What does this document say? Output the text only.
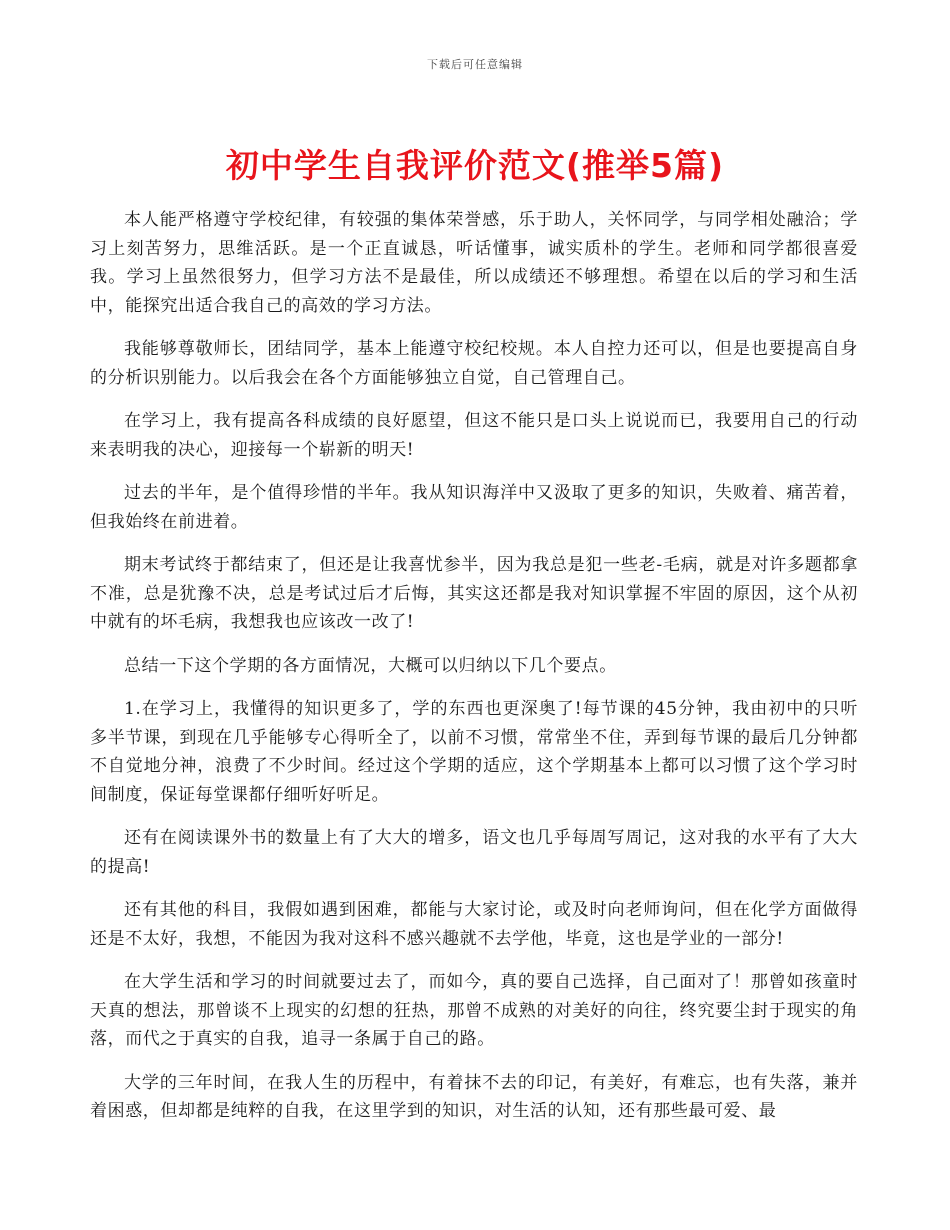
下载后可任意编辑
初中学生自我评价范文(推举5篇)

本人能严格遵守学校纪律，有较强的集体荣誉感，乐于助人，关怀同学，与同学相处融洽；学习上刻苦努力，思维活跃。是一个正直诚恳，听话懂事，诚实质朴的学生。老师和同学都很喜爱我。学习上虽然很努力，但学习方法不是最佳，所以成绩还不够理想。希望在以后的学习和生活中，能探究出适合我自己的高效的学习方法。

我能够尊敬师长，团结同学，基本上能遵守校纪校规。本人自控力还可以，但是也要提高自身的分析识别能力。以后我会在各个方面能够独立自觉，自己管理自己。

在学习上，我有提高各科成绩的良好愿望，但这不能只是口头上说说而已，我要用自己的行动来表明我的决心，迎接每一个崭新的明天!

过去的半年，是个值得珍惜的半年。我从知识海洋中又汲取了更多的知识，失败着、痛苦着，但我始终在前进着。

期末考试终于都结束了，但还是让我喜忧参半，因为我总是犯一些老-毛病，就是对许多题都拿不准，总是犹豫不决，总是考试过后才后悔，其实这还都是我对知识掌握不牢固的原因，这个从初中就有的坏毛病，我想我也应该改一改了!

总结一下这个学期的各方面情况，大概可以归纳以下几个要点。

1.在学习上，我懂得的知识更多了，学的东西也更深奥了!每节课的45分钟，我由初中的只听多半节课，到现在几乎能够专心得听全了，以前不习惯，常常坐不住，弄到每节课的最后几分钟都不自觉地分神，浪费了不少时间。经过这个学期的适应，这个学期基本上都可以习惯了这个学习时间制度，保证每堂课都仔细听好听足。

还有在阅读课外书的数量上有了大大的增多，语文也几乎每周写周记，这对我的水平有了大大的提高!

还有其他的科目，我假如遇到困难，都能与大家讨论，或及时向老师询问，但在化学方面做得还是不太好，我想，不能因为我对这科不感兴趣就不去学他，毕竟，这也是学业的一部分!

在大学生活和学习的时间就要过去了，而如今，真的要自己选择，自己面对了！那曾如孩童时天真的想法，那曾谈不上现实的幻想的狂热，那曾不成熟的对美好的向往，终究要尘封于现实的角落，而代之于真实的自我，追寻一条属于自己的路。

大学的三年时间，在我人生的历程中，有着抹不去的印记，有美好，有难忘，也有失落，兼并着困惑，但却都是纯粹的自我，在这里学到的知识，对生活的认知，还有那些最可爱、最
